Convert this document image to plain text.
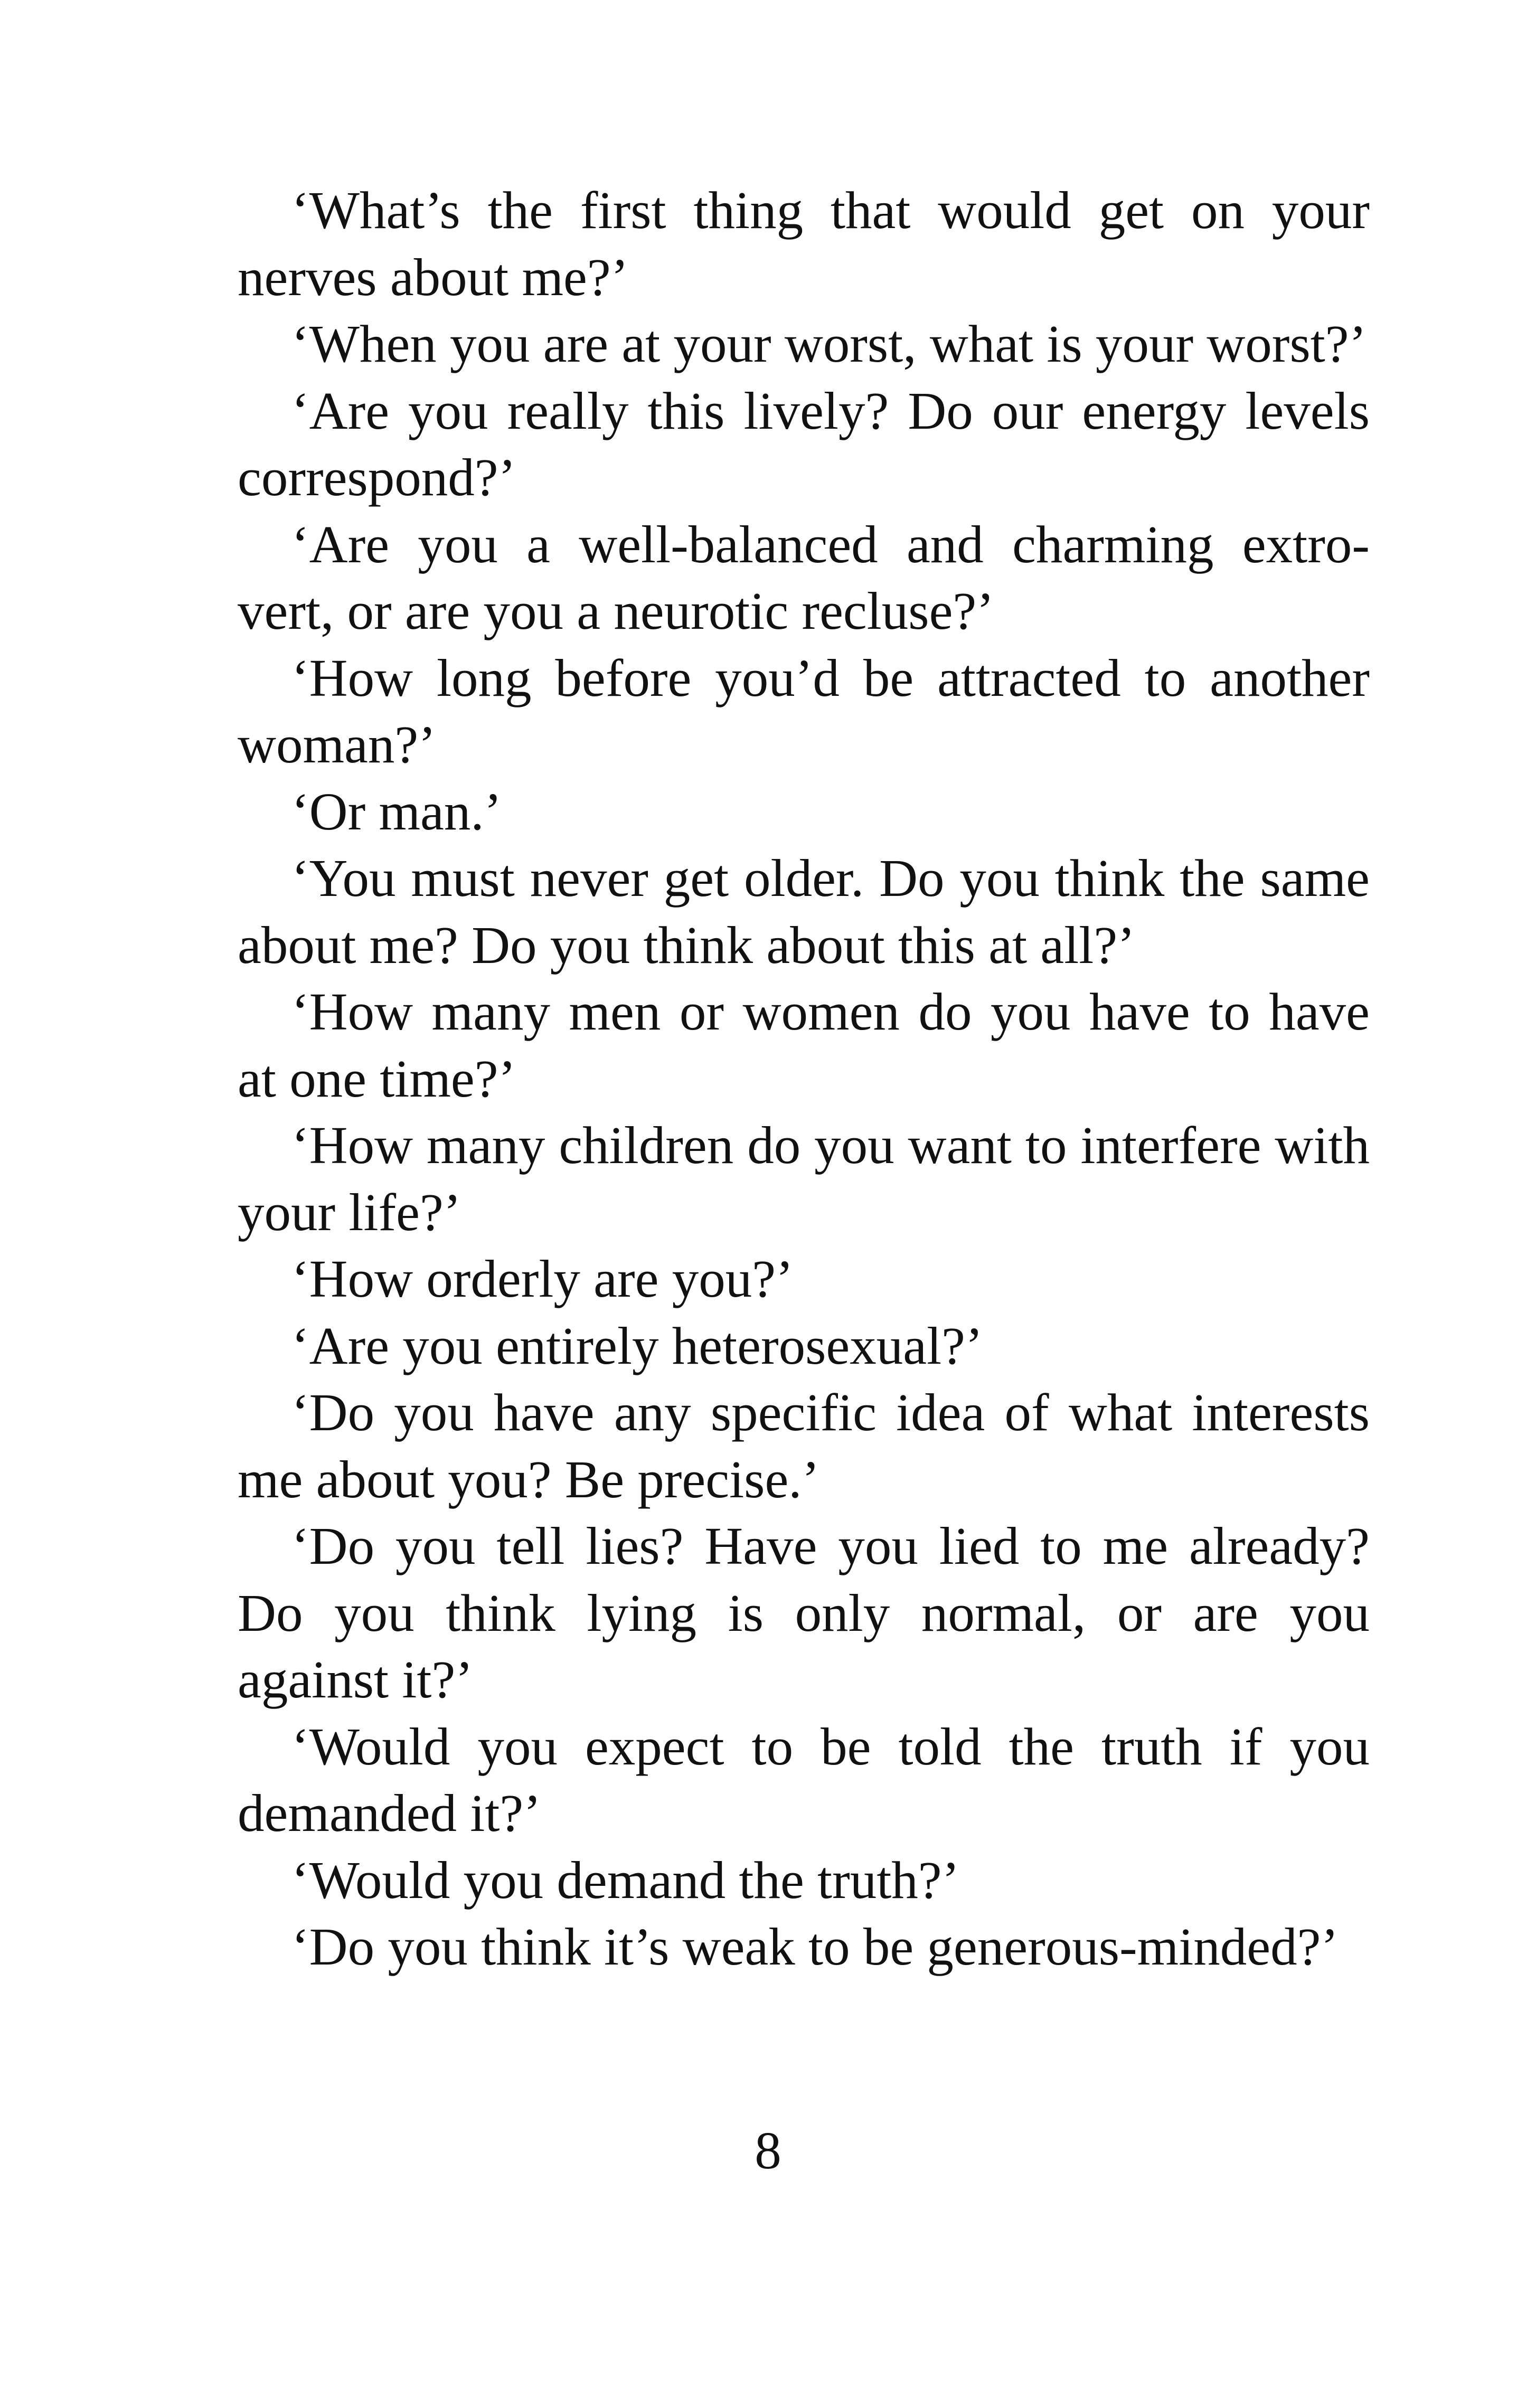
‘What’s the first thing that would get on your nerves about me?’

‘When you are at your worst, what is your worst?’

‘Are you really this lively? Do our energy levels correspond?’

‘Are you a well-balanced and charming extro-vert, or are you a neurotic recluse?’

‘How long before you’d be attracted to another woman?’

‘Or man.’

‘You must never get older. Do you think the same about me? Do you think about this at all?’

‘How many men or women do you have to have at one time?’

‘How many children do you want to interfere with your life?’

‘How orderly are you?’

‘Are you entirely heterosexual?’

‘Do you have any specific idea of what interests me about you? Be precise.’

‘Do you tell lies? Have you lied to me already? Do you think lying is only normal, or are you against it?’

‘Would you expect to be told the truth if you demanded it?’

‘Would you demand the truth?’

‘Do you think it’s weak to be generous-minded?’

8
